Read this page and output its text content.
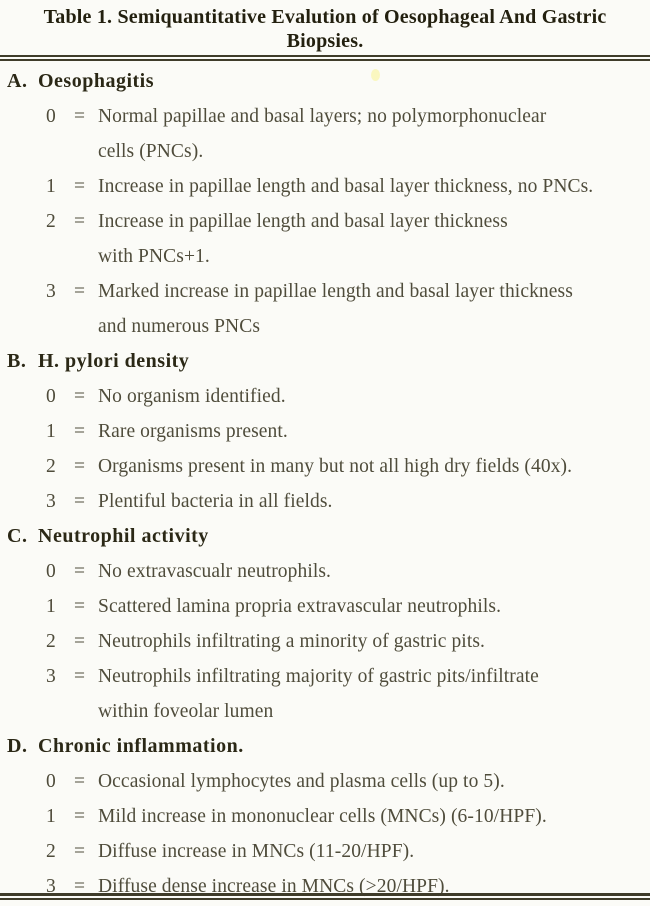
Table 1. Semiquantitative Evalution of Oesophageal And Gastric
Biopsies.
A. Oesophagitis
0 = Normal papillae and basal layers; no polymorphonuclear
cells (PNCs).
1 = Increase in papillae length and basal layer thickness, no PNCs.
2 = Increase in papillae length and basal layer thickness
with PNCs+1.
3 = Marked increase in papillae length and basal layer thickness
and numerous PNCs
B. H. pylori density
0 = No organism identified.
1 = Rare organisms present.
2 = Organisms present in many but not all high dry fields (40x).
3 = Plentiful bacteria in all fields.
C. Neutrophil activity
0 = No extravascualr neutrophils.
1 = Scattered lamina propria extravascular neutrophils.
2 = Neutrophils infiltrating a minority of gastric pits.
3 = Neutrophils infiltrating majority of gastric pits/infiltrate
within foveolar lumen
D. Chronic inflammation.
0 = Occasional lymphocytes and plasma cells (up to 5).
1 = Mild increase in mononuclear cells (MNCs) (6-10/HPF).
2 = Diffuse increase in MNCs (11-20/HPF).
3 = Diffuse dense increase in MNCs (>20/HPF).
